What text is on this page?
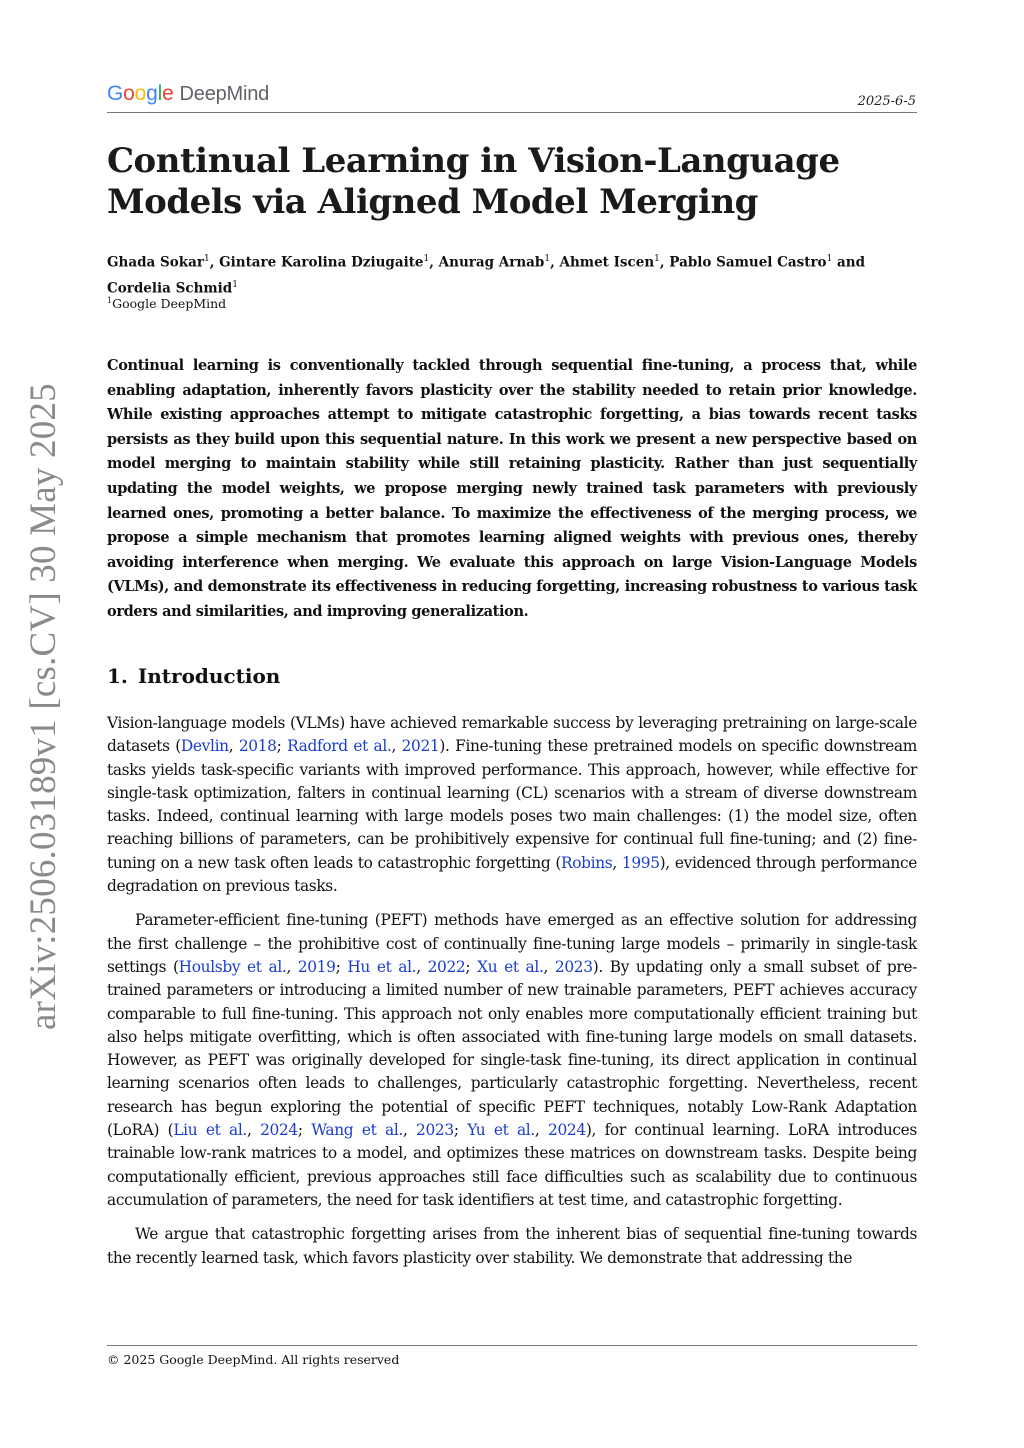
G o o g l e DeepMind	2025-6-5
Continual Learning in Vision-Language Models via Aligned Model Merging
Ghada Sokar$^1$, Gintare Karolina Dziugaite$^1$, Anurag Arnab$^1$, Ahmet Iscen$^1$, Pablo Samuel Castro$^1$ and
Cordelia Schmid$^1$
$^1$Google DeepMind

Continual learning is conventionally tackled through sequential fine-tuning, a process that, while enabling adaptation, inherently favors plasticity over the stability needed to retain prior knowledge. While existing approaches attempt to mitigate catastrophic forgetting, a bias towards recent tasks persists as they build upon this sequential nature. In this work we present a new perspective based on model merging to maintain stability while still retaining plasticity. Rather than just sequentially updating the model weights, we propose merging newly trained task parameters with previously learned ones, promoting a better balance. To maximize the effectiveness of the merging process, we propose a simple mechanism that promotes learning aligned weights with previous ones, thereby avoiding interference when merging. We evaluate this approach on large Vision-Language Models (VLMs), and demonstrate its effectiveness in reducing forgetting, increasing robustness to various task orders and similarities, and improving generalization.

1. Introduction

Vision-language models (VLMs) have achieved remarkable success by leveraging pretraining on large-scale datasets (Devlin, 2018; Radford et al., 2021). Fine-tuning these pretrained models on specific downstream tasks yields task-specific variants with improved performance. This approach, however, while effective for single-task optimization, falters in continual learning (CL) scenarios with a stream of diverse downstream tasks. Indeed, continual learning with large models poses two main challenges: (1) the model size, often reaching billions of parameters, can be prohibitively expensive for continual full fine-tuning; and (2) fine-tuning on a new task often leads to catastrophic forgetting (Robins, 1995), evidenced through performance degradation on previous tasks.

Parameter-efficient fine-tuning (PEFT) methods have emerged as an effective solution for addressing the first challenge – the prohibitive cost of continually fine-tuning large models – primarily in single-task settings (Houlsby et al., 2019; Hu et al., 2022; Xu et al., 2023). By updating only a small subset of pre-trained parameters or introducing a limited number of new trainable parameters, PEFT achieves accuracy comparable to full fine-tuning. This approach not only enables more computationally efficient training but also helps mitigate overfitting, which is often associated with fine-tuning large models on small datasets. However, as PEFT was originally developed for single-task fine-tuning, its direct application in continual learning scenarios often leads to challenges, particularly catastrophic forgetting. Nevertheless, recent research has begun exploring the potential of specific PEFT techniques, notably Low-Rank Adaptation (LoRA) (Liu et al., 2024; Wang et al., 2023; Yu et al., 2024), for continual learning. LoRA introduces trainable low-rank matrices to a model, and optimizes these matrices on downstream tasks. Despite being computationally efficient, previous approaches still face difficulties such as scalability due to continuous accumulation of parameters, the need for task identifiers at test time, and catastrophic forgetting.

We argue that catastrophic forgetting arises from the inherent bias of sequential fine-tuning towards the recently learned task, which favors plasticity over stability. We demonstrate that addressing the

© 2025 Google DeepMind. All rights reserved
arXiv:2506.03189v1 [cs.CV] 30 May 2025
